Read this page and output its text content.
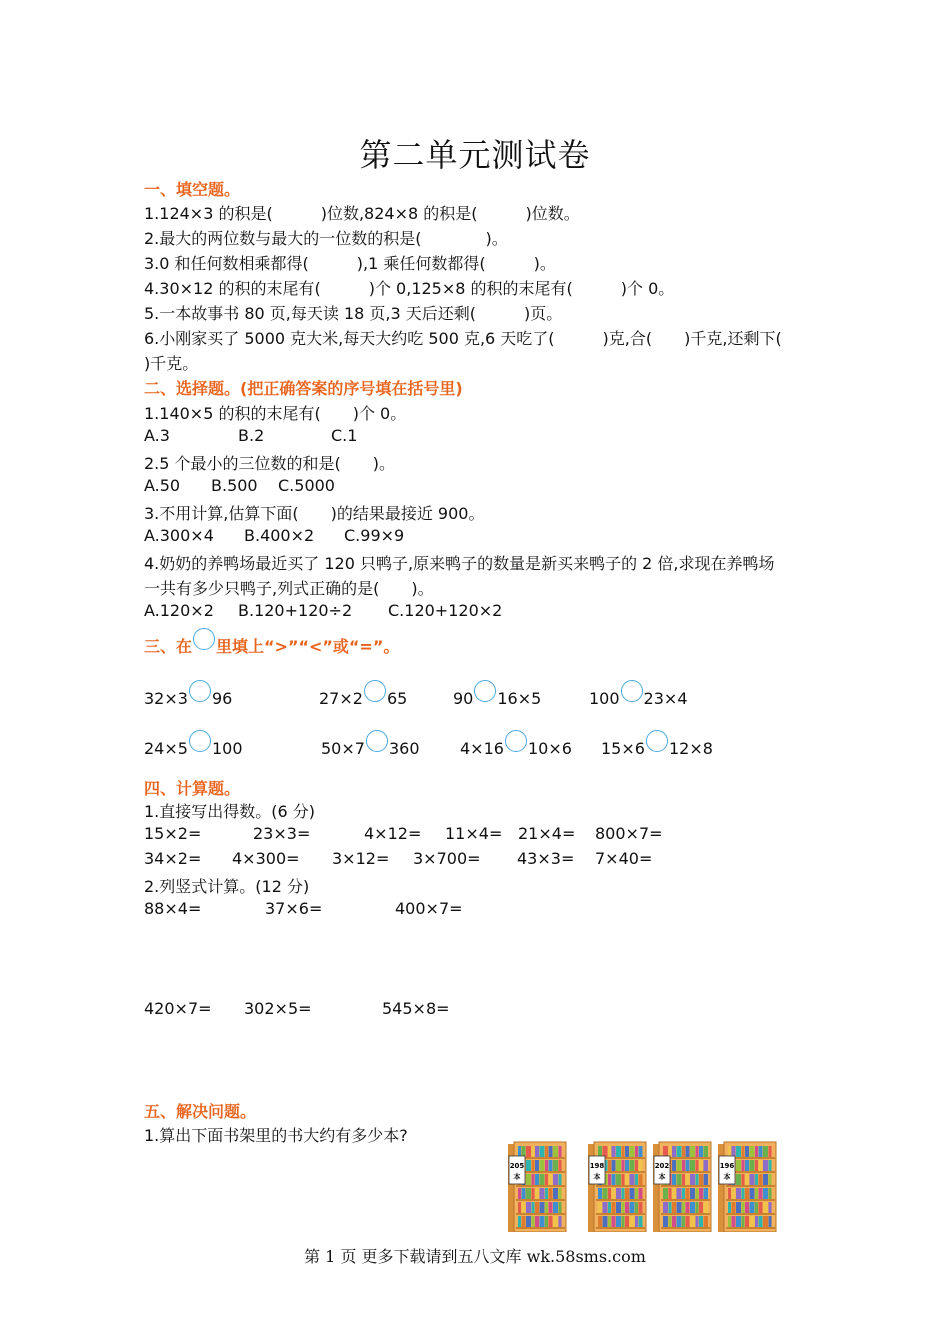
第二单元测试卷
一、填空题。
1.124×3 的积是(　　　)位数,824×8 的积是(　　　)位数。
2.最大的两位数与最大的一位数的积是(　　　　)。
3.0 和任何数相乘都得(　　　),1 乘任何数都得(　　　)。
4.30×12 的积的末尾有(　　　)个 0,125×8 的积的末尾有(　　　)个 0。
5.一本故事书 80 页,每天读 18 页,3 天后还剩(　　　)页。
6.小刚家买了 5000 克大米,每天大约吃 500 克,6 天吃了(　　　)克,合(　　)千克,还剩下(
)千克。
二、选择题。(把正确答案的序号填在括号里)
1.140×5 的积的末尾有(　　)个 0。
A.3	B.2	C.1
2.5 个最小的三位数的和是(　　)。
A.50 B.500 C.5000
3.不用计算,估算下面(　　)的结果最接近 900。
A.300×4 B.400×2 C.99×9
4.奶奶的养鸭场最近买了 120 只鸭子,原来鸭子的数量是新买来鸭子的 2 倍,求现在养鸭场
一共有多少只鸭子,列式正确的是(　　)。
A.120×2 B.120+120÷2 C.120+120×2
三、在 里填上“>”“<”或“=”。
32×3 96	27×2 65	90 16×5	100 23×4
24×5 100	50×7 360	4×16 10×6 15×6 12×8
四、计算题。
1.直接写出得数。(6 分)
15×2=	23×3=	4×12= 11×4= 21×4= 800×7=
34×2= 4×300= 3×12= 3×700= 43×3= 7×40=
2.列竖式计算。(12 分)
88×4=	37×6=	400×7=
420×7= 302×5=	545×8=
五、解决问题。
1.算出下面书架里的书大约有多少本?
205
本
198
本
202
本
196
本
第 1 页 更多下载请到五八文库 wk.58sms.com
